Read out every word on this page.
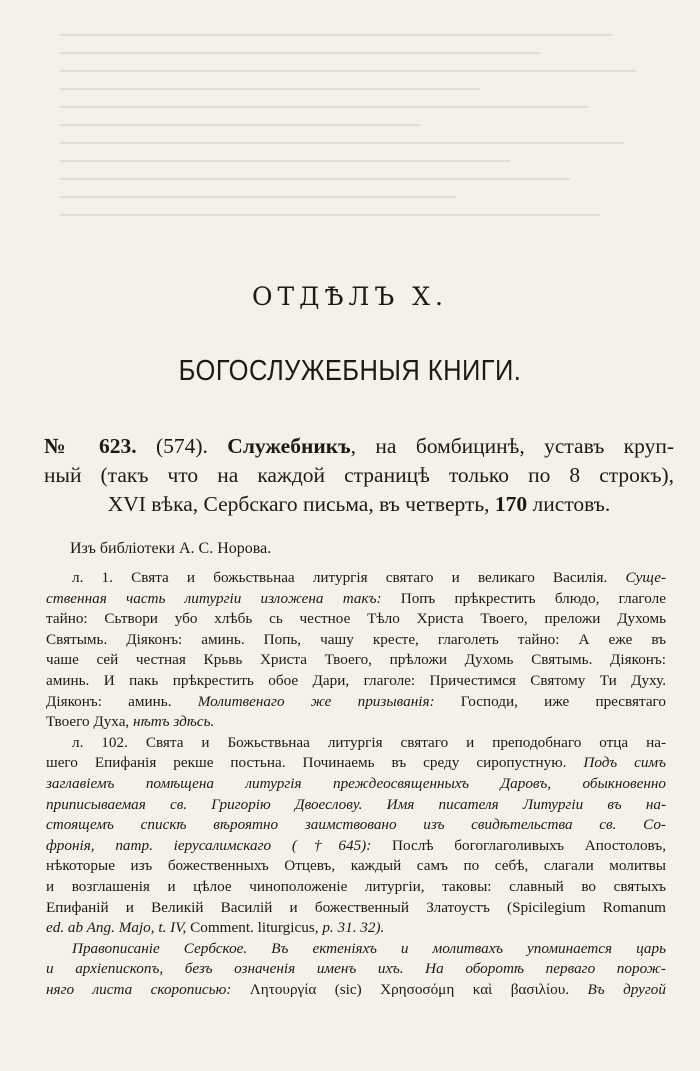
ОТДѢЛЪ X.
БОГОСЛУЖЕБНЫЯ КНИГИ.
№ 623. (574). Служебникъ, на бомбицинѣ, уставъ круп-
ный (такъ что на каждой страницѣ только по 8 строкъ),
XVI вѣка, Сербскаго письма, въ четверть, 170 листовъ.
Изъ библіотеки А. С. Норова.
л. 1. Свята и божьствьнаа литургія святаго и великаго Василія. Суще-
ственная часть литургіи изложена такъ: Попъ прѣкрестить блюдо, глаголе
тайно: Сьтвори убо хлѣбь сь честное Тѣло Христа Твоего, преложи Духомь
Святымь. Діяконъ: аминь. Попь, чашу кресте, глаголеть тайно: А еже въ
чаше сей честная Крьвь Христа Твоего, прѣложи Духомь Святымь. Діяконъ:
аминь. И пакь прѣкрестить обое Дари, глаголе: Причестимся Святому Ти Духу.
Діяконъ: аминь. Молитвенаго же призыванія: Господи, иже пресвятаго
Твоего Духа, нѣтъ здѣсь.
л. 102. Свята и Божьствьнаа литургія святаго и преподобнаго отца на-
шего Епифанія рекше постьна. Починаемь въ среду сиропустную. Подъ симъ
заглавіемъ помѣщена литургія преждеосвященныхъ Даровъ, обыкновенно
приписываемая св. Григорію Двоеслову. Имя писателя Литургіи въ на-
стоящемъ спискѣ вѣроятно заимствовано изъ свидѣтельства св. Со-
фронія, патр. іерусалимскаго (†645): Послѣ богоглаголивыхъ Апостоловъ,
нѣкоторые изъ божественныхъ Отцевъ, каждый самъ по себѣ, слагали молитвы
и возглашенія и цѣлое чинопoложеніе литургіи, таковы: славный во святыхъ
Епифаній и Великій Василій и божественный Златоустъ (Spicilegium Romanum
ed. ab Ang. Majo, t. IV, Comment. liturgicus, p. 31. 32).
Правописаніе Сербское. Въ ектеніяхъ и молитвахъ упоминается царь
и архіепископъ, безъ означенія именъ ихъ. На оборотѣ перваго порож-
няго листа скорописью: Λητουργία (sic) Χρησοσόμη καὶ βασιλίου. Въ другой
